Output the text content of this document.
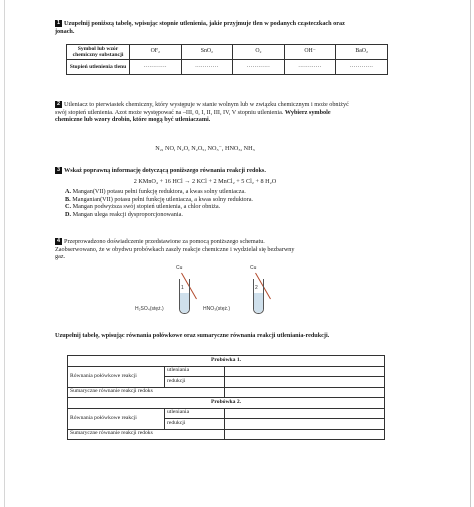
1 Uzupełnij poniższą tabelę, wpisując stopnie utlenienia, jakie przyjmuje tlen w podanych cząsteczkach oraz jonach.
Symbol lub wzór chemiczny substancji	OF₂	SnO₂	O₂	OH⁻	BaO₂
Stopień utlenienia tlenu	............	............	............	............	............
2 Utleniacz to pierwiastek chemiczny, który występuje w stanie wolnym lub w związku chemicznym i może obniżyć swój stopień utlenienia. Azot może występować na –III, 0, I, II, III, IV, V stopniu utlenienia. Wybierz symbole chemiczne lub wzory drobin, które mogą być utleniaczami.
N₂, NO, N₂O, N₂O₅, NO₃⁻, HNO₃, NH₃
3 Wskaż poprawną informację dotyczącą poniższego równania reakcji redoks.
2 KMnO₄ + 16 HCl → 2 KCl + 2 MnCl₂ + 5 Cl₂ + 8 H₂O
A. Mangan(VII) potasu pełni funkcję reduktora, a kwas solny utleniacza.
B. Manganian(VII) potasu pełni funkcję utleniacza, a kwas solny reduktora.
C. Mangan podwyższa swój stopień utlenienia, a chlor obniża.
D. Mangan ulega reakcji dysproporcjonowania.
4 Przeprowadzono doświadczenie przedstawione za pomocą poniższego schematu. Zaobserwowano, że w obydwu probówkach zaszły reakcje chemiczne i wydzielał się bezbarwny gaz.
Cu
1
H₂SO₄(stęż.)
Cu
2
HNO₃(stęż.)
Uzupełnij tabelę, wpisując równania połówkowe oraz sumaryczne równania reakcji utleniania-redukcji.
Probówka 1.		
Równania połówkowe reakcji	utleniania	
	redukcji	
Sumaryczne równanie reakcji redoks		
Probówka 2.		
Równania połówkowe reakcji	utleniania	
	redukcji	
Sumaryczne równanie reakcji redoks		
